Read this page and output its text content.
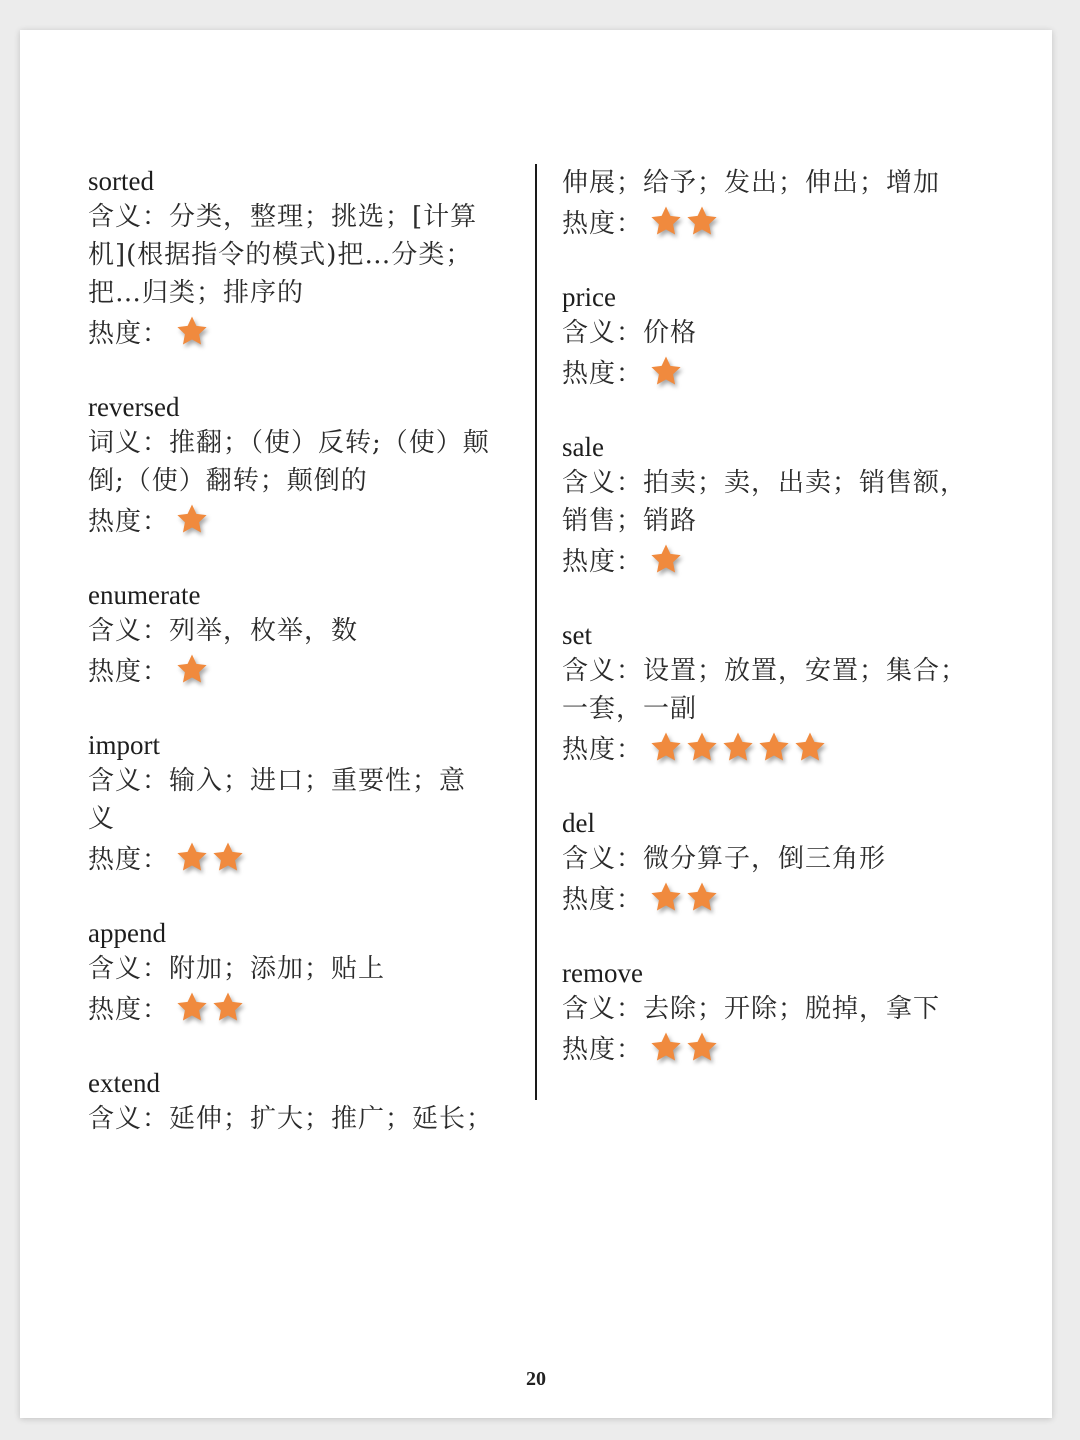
sorted
含义：分类，整理；挑选；[计算
机](根据指令的模式)把…分类；
把…归类；排序的
热度：
reversed
词义：推翻；（使）反转;（使）颠
倒;（使）翻转；颠倒的
热度：
enumerate
含义：列举，枚举，数
热度：
import
含义：输入；进口；重要性；意
义
热度：
append
含义：附加；添加；贴上
热度：
extend
含义：延伸；扩大；推广；延长；
伸展；给予；发出；伸出；增加
热度：
price
含义：价格
热度：
sale
含义：拍卖；卖，出卖；销售额，
销售；销路
热度：
set
含义：设置；放置，安置；集合；
一套，一副
热度：
del
含义：微分算子，倒三角形
热度：
remove
含义：去除；开除；脱掉，拿下
热度：
20
